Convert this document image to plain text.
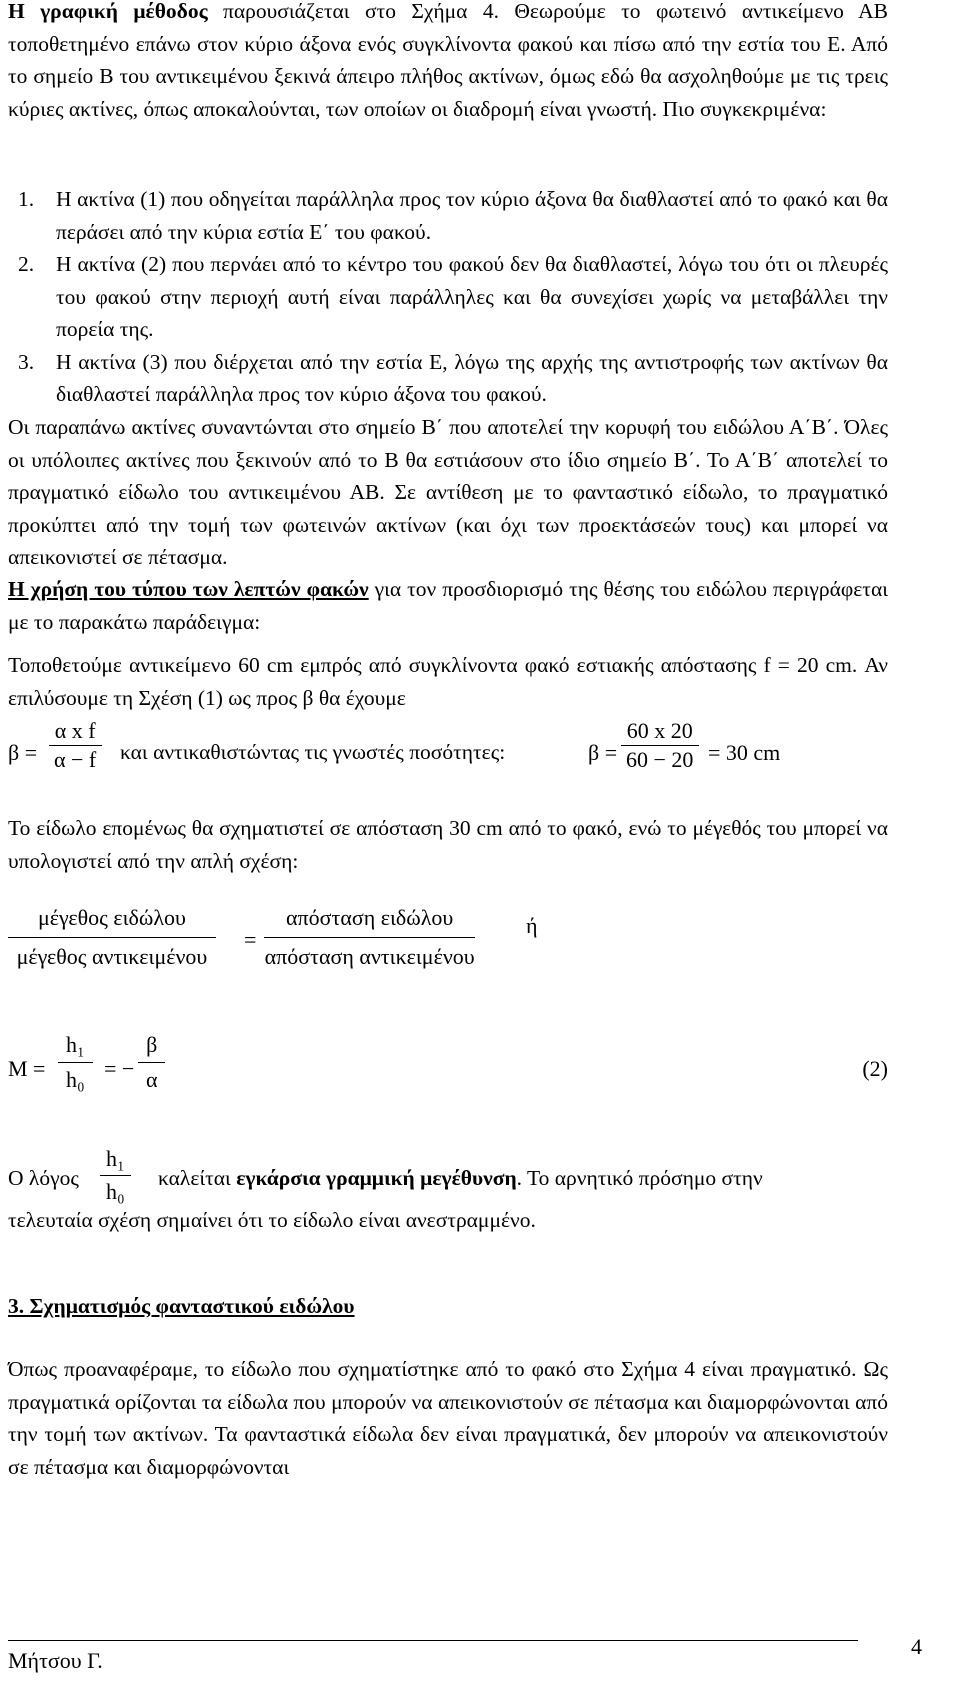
Η γραφική μέθοδος παρουσιάζεται στο Σχήμα 4. Θεωρούμε το φωτεινό αντικείμενο ΑΒ τοποθετημένο επάνω στον κύριο άξονα ενός συγκλίνοντα φακού και πίσω από την εστία του Ε. Από το σημείο Β του αντικειμένου ξεκινά άπειρο πλήθος ακτίνων, όμως εδώ θα ασχοληθούμε με τις τρεις κύριες ακτίνες, όπως αποκαλούνται, των οποίων οι διαδρομή είναι γνωστή. Πιο συγκεκριμένα:

1.	Η ακτίνα (1) που οδηγείται παράλληλα προς τον κύριο άξονα θα διαθλαστεί από το φακό και θα περάσει από την κύρια εστία Ε΄ του φακού.
2.	Η ακτίνα (2) που περνάει από το κέντρο του φακού δεν θα διαθλαστεί, λόγω του ότι οι πλευρές του φακού στην περιοχή αυτή είναι παράλληλες και θα συνεχίσει χωρίς να μεταβάλλει την πορεία της.
3.	Η ακτίνα (3) που διέρχεται από την εστία Ε, λόγω της αρχής της αντιστροφής των ακτίνων θα διαθλαστεί παράλληλα προς τον κύριο άξονα του φακού.

Οι παραπάνω ακτίνες συναντώνται στο σημείο Β΄ που αποτελεί την κορυφή του ειδώλου Α΄Β΄. Όλες οι υπόλοιπες ακτίνες που ξεκινούν από το Β θα εστιάσουν στο ίδιο σημείο Β΄. Το Α΄Β΄ αποτελεί το πραγματικό είδωλο του αντικειμένου ΑΒ. Σε αντίθεση με το φανταστικό είδωλο, το πραγματικό προκύπτει από την τομή των φωτεινών ακτίνων (και όχι των προεκτάσεών τους) και μπορεί να απεικονιστεί σε πέτασμα.

Η χρήση του τύπου των λεπτών φακών για τον προσδιορισμό της θέσης του ειδώλου περιγράφεται με το παρακάτω παράδειγμα:

Τοποθετούμε αντικείμενο 60 cm εμπρός από συγκλίνοντα φακό εστιακής απόστασης f = 20 cm. Αν επιλύσουμε τη Σχέση (1) ως προς β θα έχουμε

$\beta = \frac{\text{α x f}}{\alpha - f}$ και αντικαθιστώντας τις γνωστές ποσότητες:	$\beta = \frac{60 x 20}{60 - 20} = 30$ cm

Το είδωλο επομένως θα σχηματιστεί σε απόσταση 30 cm από το φακό, ενώ το μέγεθός του μπορεί να υπολογιστεί από την απλή σχέση:

μέγεθος ειδώλου
μέγεθος αντικειμένου
=
απόσταση ειδώλου
απόσταση αντικειμένου
ή
$M = \frac{\text{h₁}}{\text{h₀}}$ = − $\frac{\beta}{\alpha}$	(2)
Ο λόγος $\frac{\text{h₁}}{\text{h₀}}$ καλείται εγκάρσια γραμμική μεγέθυνση. Το αρνητικό πρόσημο στην
τελευταία σχέση σημαίνει ότι το είδωλο είναι ανεστραμμένο.

3. Σχηματισμός φανταστικού ειδώλου

Όπως προαναφέραμε, το είδωλο που σχηματίστηκε από το φακό στο Σχήμα 4 είναι πραγματικό. Ως πραγματικά ορίζονται τα είδωλα που μπορούν να απεικονιστούν σε πέτασμα και διαμορφώνονται από την τομή των ακτίνων. Τα φανταστικά είδωλα δεν είναι πραγματικά, δεν μπορούν να απεικονιστούν σε πέτασμα και διαμορφώνονται

Μήτσου Γ.
4
